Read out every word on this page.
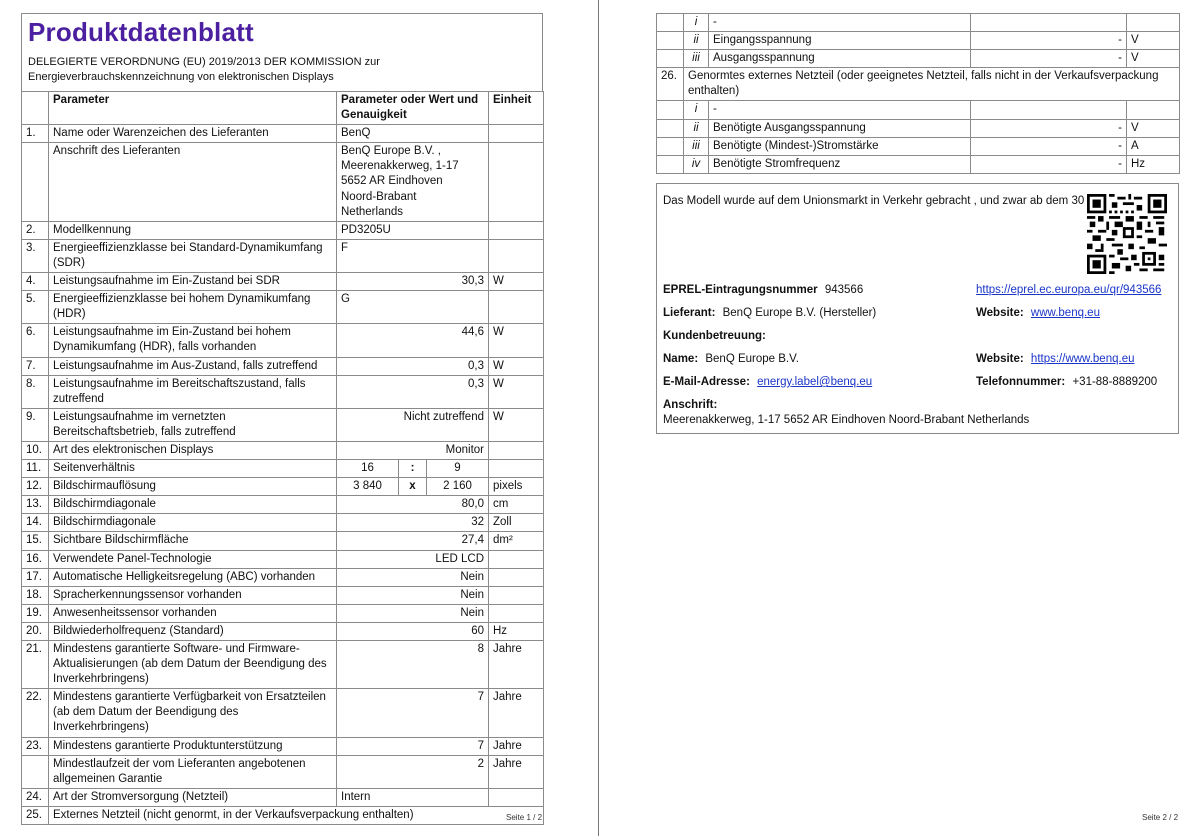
Produktdatenblatt
DELEGIERTE VERORDNUNG (EU) 2019/2013 DER KOMMISSION zur Energieverbrauchskennzeichnung von elektronischen Displays
	Parameter	Parameter oder Wert und Genauigkeit	Einheit
1.	Name oder Warenzeichen des Lieferanten	BenQ	
	Anschrift des Lieferanten	BenQ Europe B.V. , Meerenakkerweg, 1-17 5652 AR Eindhoven Noord-Brabant Netherlands	
2.	Modellkennung	PD3205U	
3.	Energieeffizienzklasse bei Standard-Dynamikumfang (SDR)	F	
4.	Leistungsaufnahme im Ein-Zustand bei SDR	30,3	W
5.	Energieeffizienzklasse bei hohem Dynamikumfang (HDR)	G	
6.	Leistungsaufnahme im Ein-Zustand bei hohem Dynamikumfang (HDR), falls vorhanden	44,6	W
7.	Leistungsaufnahme im Aus-Zustand, falls zutreffend	0,3	W
8.	Leistungsaufnahme im Bereitschaftszustand, falls zutreffend	0,3	W
9.	Leistungsaufnahme im vernetzten Bereitschaftsbetrieb, falls zutreffend	Nicht zutreffend	W
10.	Art des elektronischen Displays	Monitor	
11.	Seitenverhältnis	16 : 9	

12.	Bildschirmauflösung	3 840 x 2 160	pixels
13.	Bildschirmdiagonale	80,0	cm
14.	Bildschirmdiagonale	32	Zoll
15.	Sichtbare Bildschirmfläche	27,4	dm²
16.	Verwendete Panel-Technologie	LED LCD	
17.	Automatische Helligkeitsregelung (ABC) vorhanden	Nein	
18.	Spracherkennungssensor vorhanden	Nein	
19.	Anwesenheitssensor vorhanden	Nein	
20.	Bildwiederholfrequenz (Standard)	60	Hz
21.	Mindestens garantierte Software- und Firmware-Aktualisierungen (ab dem Datum der Beendigung des Inverkehrbringens)	8	Jahre
22.	Mindestens garantierte Verfügbarkeit von Ersatzteilen (ab dem Datum der Beendigung des Inverkehrbringens)	7	Jahre
23.	Mindestens garantierte Produktunterstützung	7	Jahre
	Mindestlaufzeit der vom Lieferanten angebotenen allgemeinen Garantie	2	Jahre
24.	Art der Stromversorgung (Netzteil)	Intern	
25.	Externes Netzteil (nicht genormt, in der Verkaufsverpackung enthalten)			Seite 1 / 2
	i	-		
	ii	Eingangsspannung	-	V
	iii	Ausgangsspannung	-	V
26.	Genormtes externes Netzteil (oder geeignetes Netzteil, falls nicht in der Verkaufsverpackung enthalten)			
	i	-		
	ii	Benötigte Ausgangsspannung	-	V
	iii	Benötigte (Mindest-)Stromstärke	-	A
	iv	Benötigte Stromfrequenz	-	Hz
Das Modell wurde auf dem Unionsmarkt in Verkehr gebracht , und zwar ab dem 30
EPREL-Eintragungsnummer 943566	https://eprel.ec.europa.eu/qr/943566
Lieferant: BenQ Europe B.V. (Hersteller)	Website: www.benq.eu
Kundenbetreuung:
Name: BenQ Europe B.V.	Website: https://www.benq.eu
E-Mail-Adresse: energy.label@benq.eu	Telefonnummer: +31-88-8889200
Anschrift:
Meerenakkerweg, 1-17 5652 AR Eindhoven Noord-Brabant Netherlands
Seite 2 / 2
